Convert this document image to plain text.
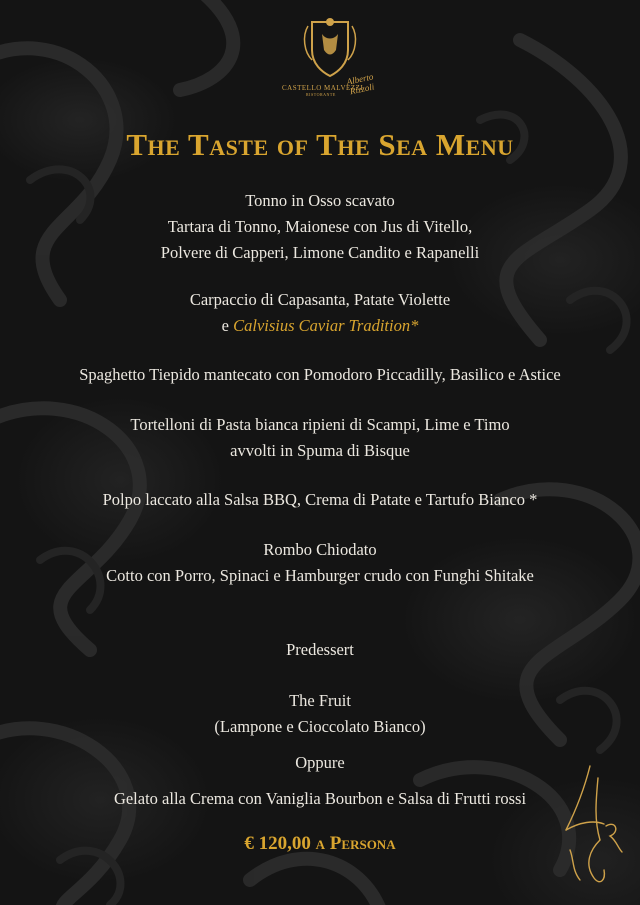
CASTELLO MALVEZZI
RISTORANTE
Alberto Rizzoli
The Taste of The Sea Menu
Tonno in Osso scavato
Tartara di Tonno, Maionese con Jus di Vitello,
Polvere di Capperi, Limone Candito e Rapanelli
Carpaccio di Capasanta, Patate Violette
e Calvisius Caviar Tradition*
Spaghetto Tiepido mantecato con Pomodoro Piccadilly, Basilico e Astice
Tortelloni di Pasta bianca ripieni di Scampi, Lime e Timo
avvolti in Spuma di Bisque
Polpo laccato alla Salsa BBQ, Crema di Patate e Tartufo Bianco *
Rombo Chiodato
Cotto con Porro, Spinaci e Hamburger crudo con Funghi Shitake
Predessert
The Fruit
(Lampone e Cioccolato Bianco)
Oppure
Gelato alla Crema con Vaniglia Bourbon e Salsa di Frutti rossi
€ 120,00 a Persona
